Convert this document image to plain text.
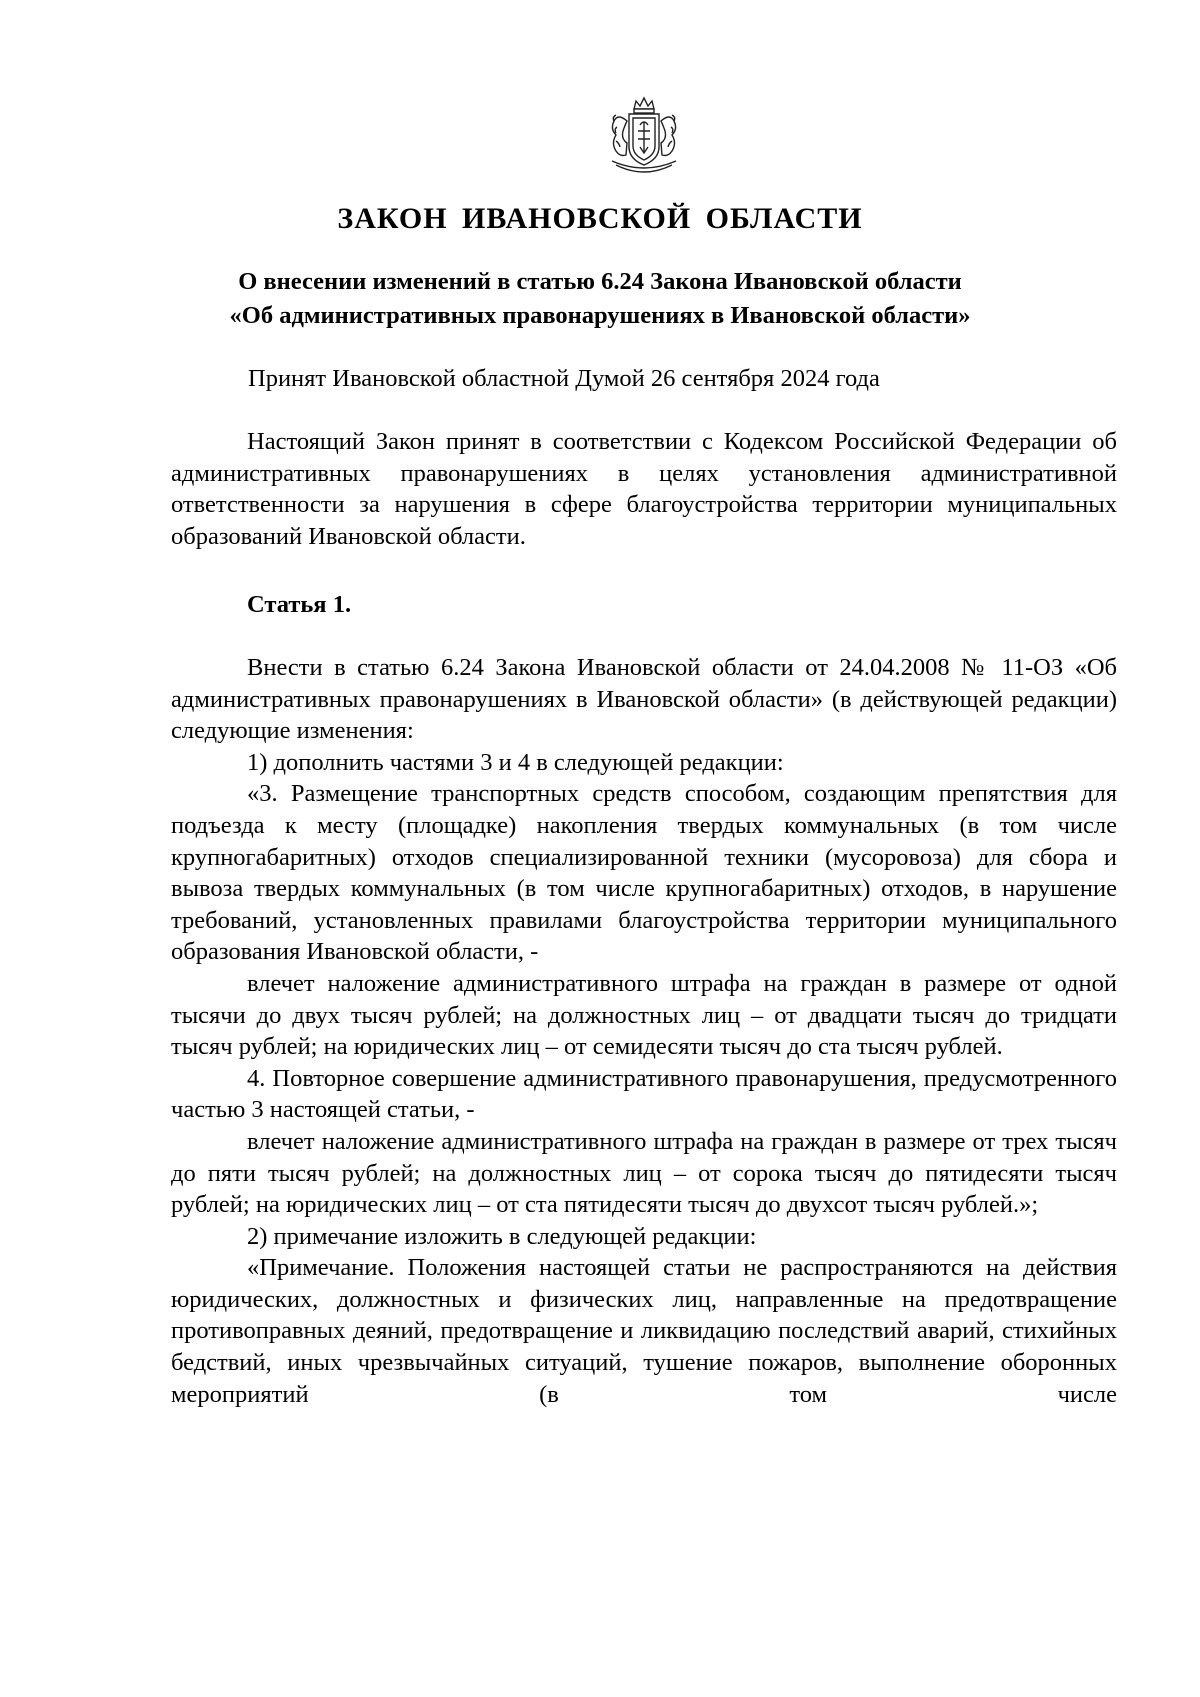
ЗАКОН ИВАНОВСКОЙ ОБЛАСТИ
О внесении изменений в статью 6.24 Закона Ивановской области
«Об административных правонарушениях в Ивановской области»
Принят Ивановской областной Думой 26 сентября 2024 года

Настоящий Закон принят в соответствии с Кодексом Российской Федерации об административных правонарушениях в целях установления административной ответственности за нарушения в сфере благоустройства территории муниципальных образований Ивановской области.

Статья 1.

Внести в статью 6.24 Закона Ивановской области от 24.04.2008 № 11-ОЗ «Об административных правонарушениях в Ивановской области» (в действующей редакции) следующие изменения:

1) дополнить частями 3 и 4 в следующей редакции:

«3. Размещение транспортных средств способом, создающим препятствия для подъезда к месту (площадке) накопления твердых коммунальных (в том числе крупногабаритных) отходов специализированной техники (мусоровоза) для сбора и вывоза твердых коммунальных (в том числе крупногабаритных) отходов, в нарушение требований, установленных правилами благоустройства территории муниципального образования Ивановской области, -

влечет наложение административного штрафа на граждан в размере от одной тысячи до двух тысяч рублей; на должностных лиц – от двадцати тысяч до тридцати тысяч рублей; на юридических лиц – от семидесяти тысяч до ста тысяч рублей.

4. Повторное совершение административного правонарушения, предусмотренного частью 3 настоящей статьи, -

влечет наложение административного штрафа на граждан в размере от трех тысяч до пяти тысяч рублей; на должностных лиц – от сорока тысяч до пятидесяти тысяч рублей; на юридических лиц – от ста пятидесяти тысяч до двухсот тысяч рублей.»;

2) примечание изложить в следующей редакции:

«Примечание. Положения настоящей статьи не распространяются на действия юридических, должностных и физических лиц, направленные на предотвращение противоправных деяний, предотвращение и ликвидацию последствий аварий, стихийных бедствий, иных чрезвычайных ситуаций, тушение пожаров, выполнение оборонных мероприятий (в том числе
